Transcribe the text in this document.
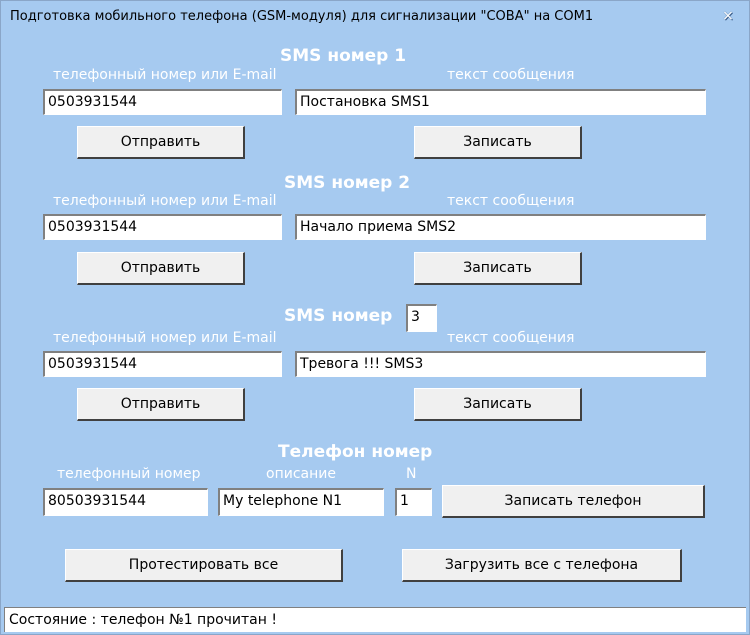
Подготовка мобильного телефона (GSM-модуля) для сигнализации "СОВА" на COM1	×
SMS номер 1
телефонный номер или E-mail	текст сообщения
0503931544	Постановка SMS1
Отправить	Записать
SMS номер 2
телефонный номер или E-mail	текст сообщения
0503931544	Начало приема SMS2
Отправить	Записать
SMS номер	3
телефонный номер или E-mail	текст сообщения
0503931544	Тревога !!! SMS3
Отправить	Записать
Телефон номер
телефонный номер	описание	N
80503931544	My telephone N1	1	Записать телефон
Протестировать все	Загрузить все с телефона
Состояние : телефон №1 прочитан !
